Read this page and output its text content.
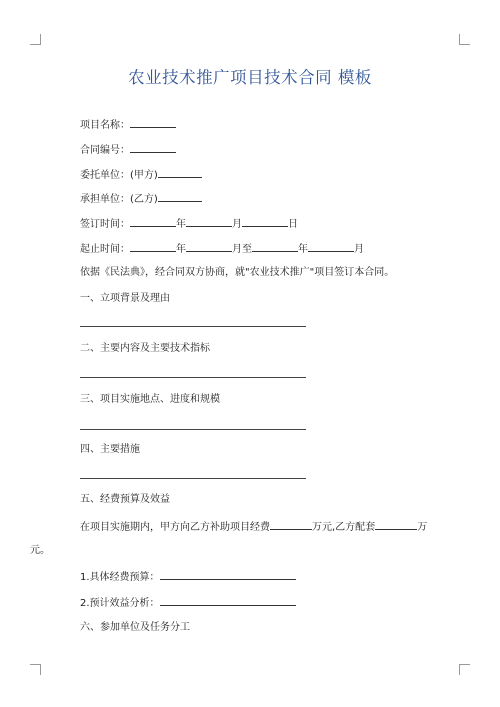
农业技术推广项目技术合同 模板
项目名称：
合同编号：
委托单位：(甲方)
承担单位：(乙方)
签订时间：	年	月	日
起止时间：	年	月至	年	月
依据《民法典》，经合同双方协商，就"农业技术推广"项目签订本合同。
一、立项背景及理由
二、主要内容及主要技术指标
三、项目实施地点、进度和规模
四、主要措施
五、经费预算及效益
在项目实施期内，甲方向乙方补助项目经费	万元,乙方配套	万
元。
1.具体经费预算：
2.预计效益分析：
六、参加单位及任务分工
